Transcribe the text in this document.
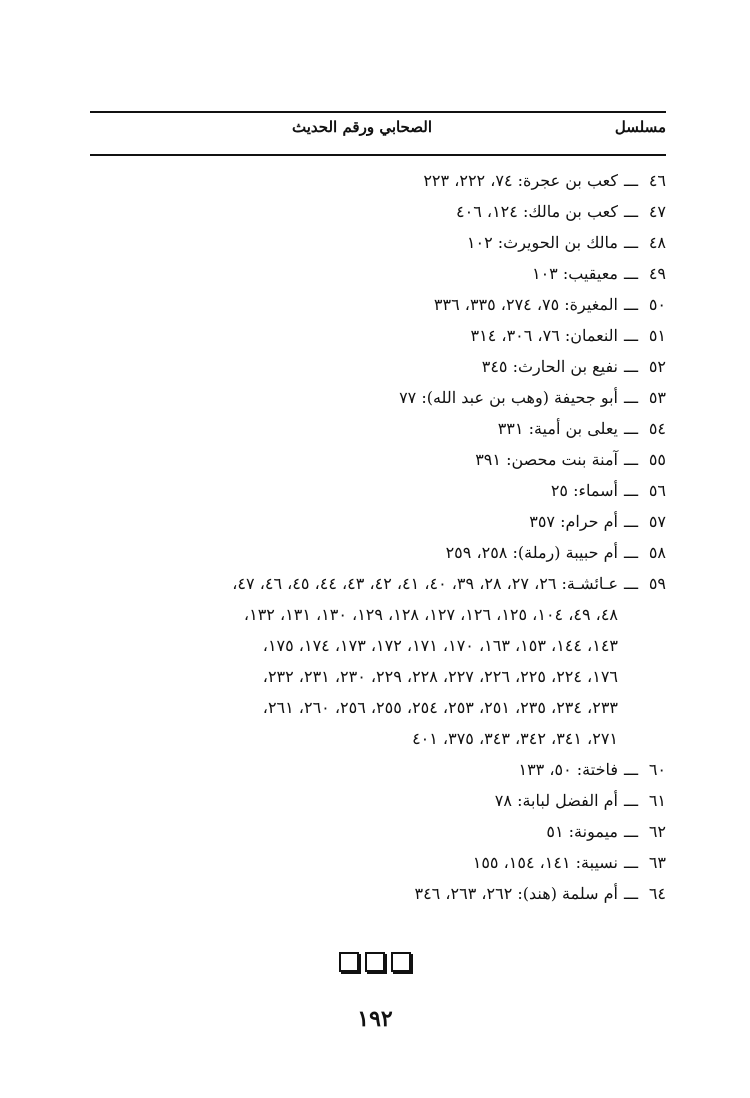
مسلسل
الصحابي ورقم الحديث
٤٦
ـــ
كعب بن عجرة: ٧٤، ٢٢٢، ٢٢٣
٤٧
ـــ
كعب بن مالك: ١٢٤، ٤٠٦
٤٨
ـــ
مالك بن الحويرث: ١٠٢
٤٩
ـــ
معيقيب: ١٠٣
٥٠
ـــ
المغيرة: ٧٥، ٢٧٤، ٣٣٥، ٣٣٦
٥١
ـــ
النعمان: ٧٦، ٣٠٦، ٣١٤
٥٢
ـــ
نفيع بن الحارث: ٣٤٥
٥٣
ـــ
أبو جحيفة (وهب بن عبد الله): ٧٧
٥٤
ـــ
يعلى بن أمية: ٣٣١
٥٥
ـــ
آمنة بنت محصن: ٣٩١
٥٦
ـــ
أسماء: ٢٥
٥٧
ـــ
أم حرام: ٣٥٧
٥٨
ـــ
أم حبيبة (رملة): ٢٥٨، ٢٥٩
٥٩
ـــ
عـائشـة: ٢٦، ٢٧، ٢٨، ٣٩، ٤٠، ٤١، ٤٢، ٤٣، ٤٤، ٤٥، ٤٦، ٤٧،
٤٨، ٤٩، ١٠٤، ١٢٥، ١٢٦، ١٢٧، ١٢٨، ١٢٩، ١٣٠، ١٣١، ١٣٢،
١٤٣، ١٤٤، ١٥٣، ١٦٣، ١٧٠، ١٧١، ١٧٢، ١٧٣، ١٧٤، ١٧٥،
١٧٦، ٢٢٤، ٢٢٥، ٢٢٦، ٢٢٧، ٢٢٨، ٢٢٩، ٢٣٠، ٢٣١، ٢٣٢،
٢٣٣، ٢٣٤، ٢٣٥، ٢٥١، ٢٥٣، ٢٥٤، ٢٥٥، ٢٥٦، ٢٦٠، ٢٦١،
٢٧١، ٣٤١، ٣٤٢، ٣٤٣، ٣٧٥، ٤٠١
٦٠
ـــ
فاختة: ٥٠، ١٣٣
٦١
ـــ
أم الفضل لبابة: ٧٨
٦٢
ـــ
ميمونة: ٥١
٦٣
ـــ
نسيبة: ١٤١، ١٥٤، ١٥٥
٦٤
ـــ
أم سلمة (هند): ٢٦٢، ٢٦٣، ٣٤٦
١٩٢
